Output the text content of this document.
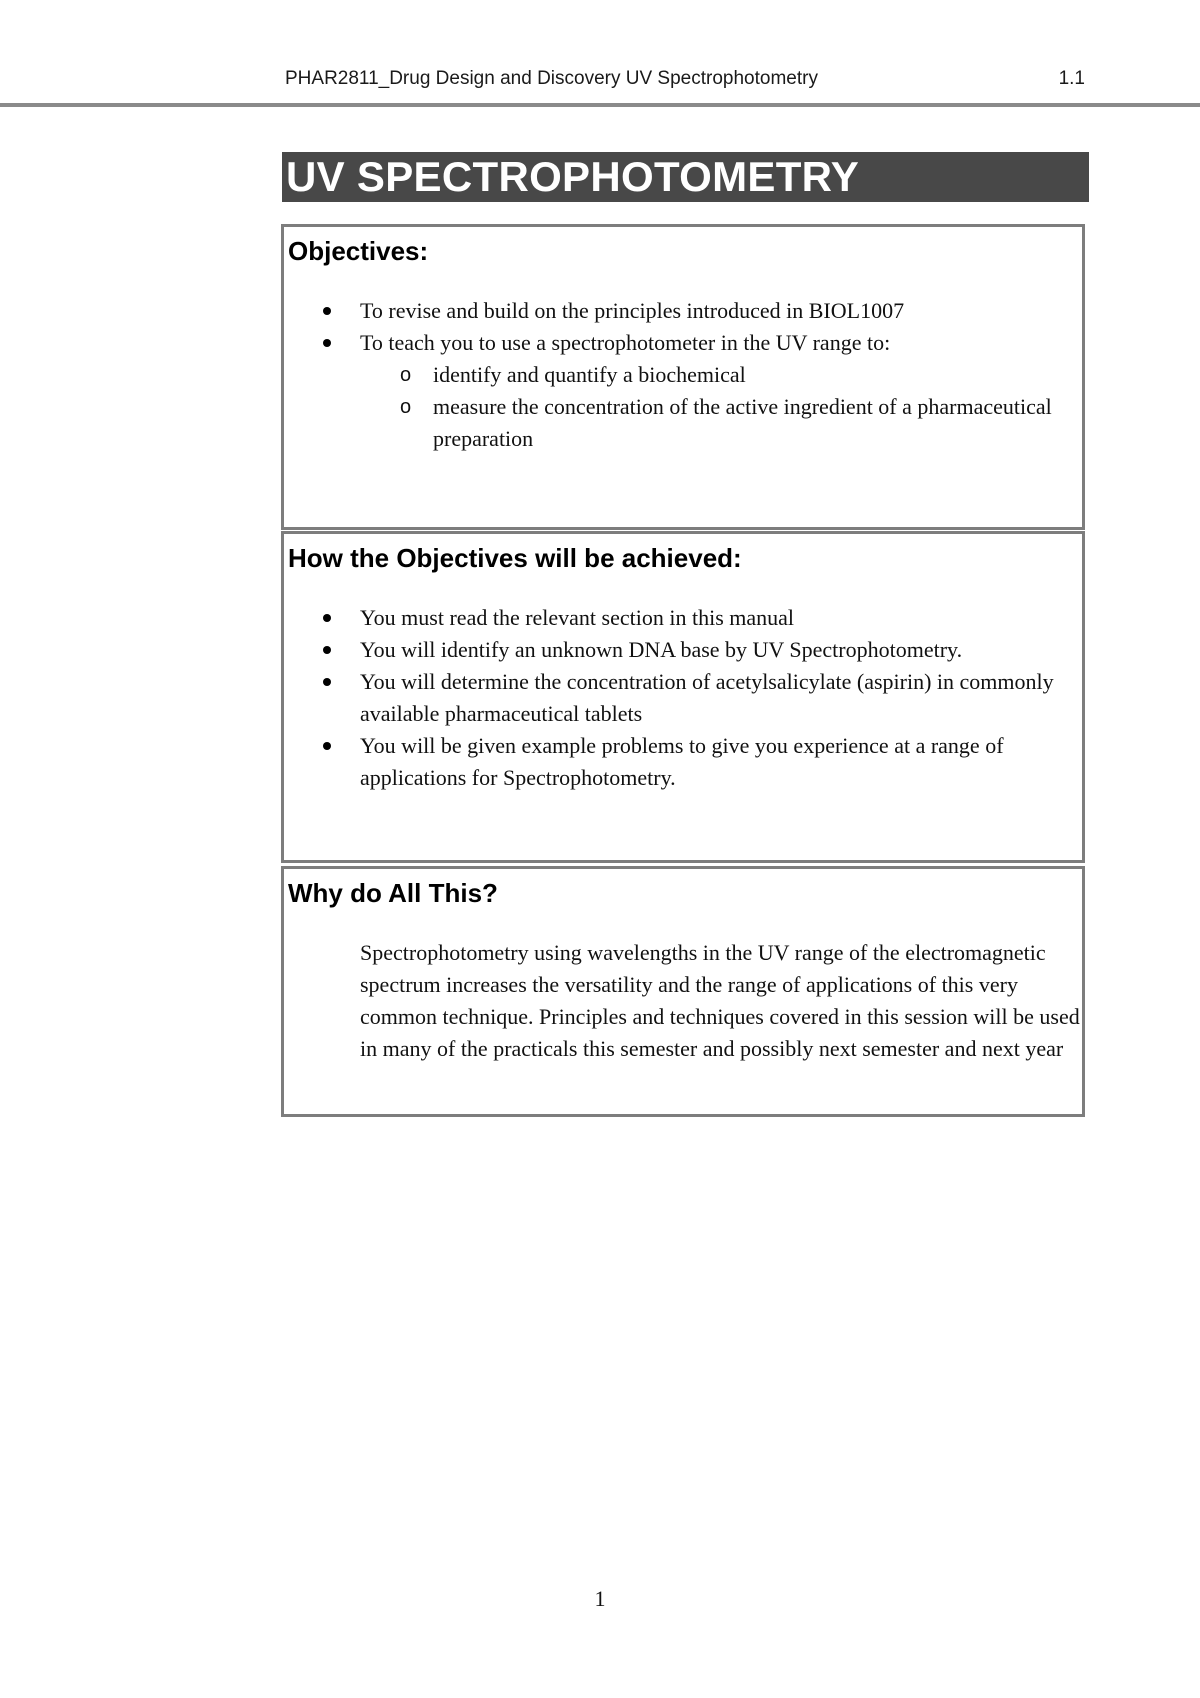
PHAR2811_Drug Design and Discovery UV Spectrophotometry	1.1
UV SPECTROPHOTOMETRY
Objectives:
To revise and build on the principles introduced in BIOL1007
To teach you to use a spectrophotometer in the UV range to:
o identify and quantify a biochemical
o measure the concentration of the active ingredient of a pharmaceutical preparation
How the Objectives will be achieved:
You must read the relevant section in this manual
You will identify an unknown DNA base by UV Spectrophotometry.
You will determine the concentration of acetylsalicylate (aspirin) in commonly available pharmaceutical tablets
You will be given example problems to give you experience at a range of applications for Spectrophotometry.
Why do All This?

Spectrophotometry using wavelengths in the UV range of the electromagnetic spectrum increases the versatility and the range of applications of this very common technique. Principles and techniques covered in this session will be used in many of the practicals this semester and possibly next semester and next year

1
